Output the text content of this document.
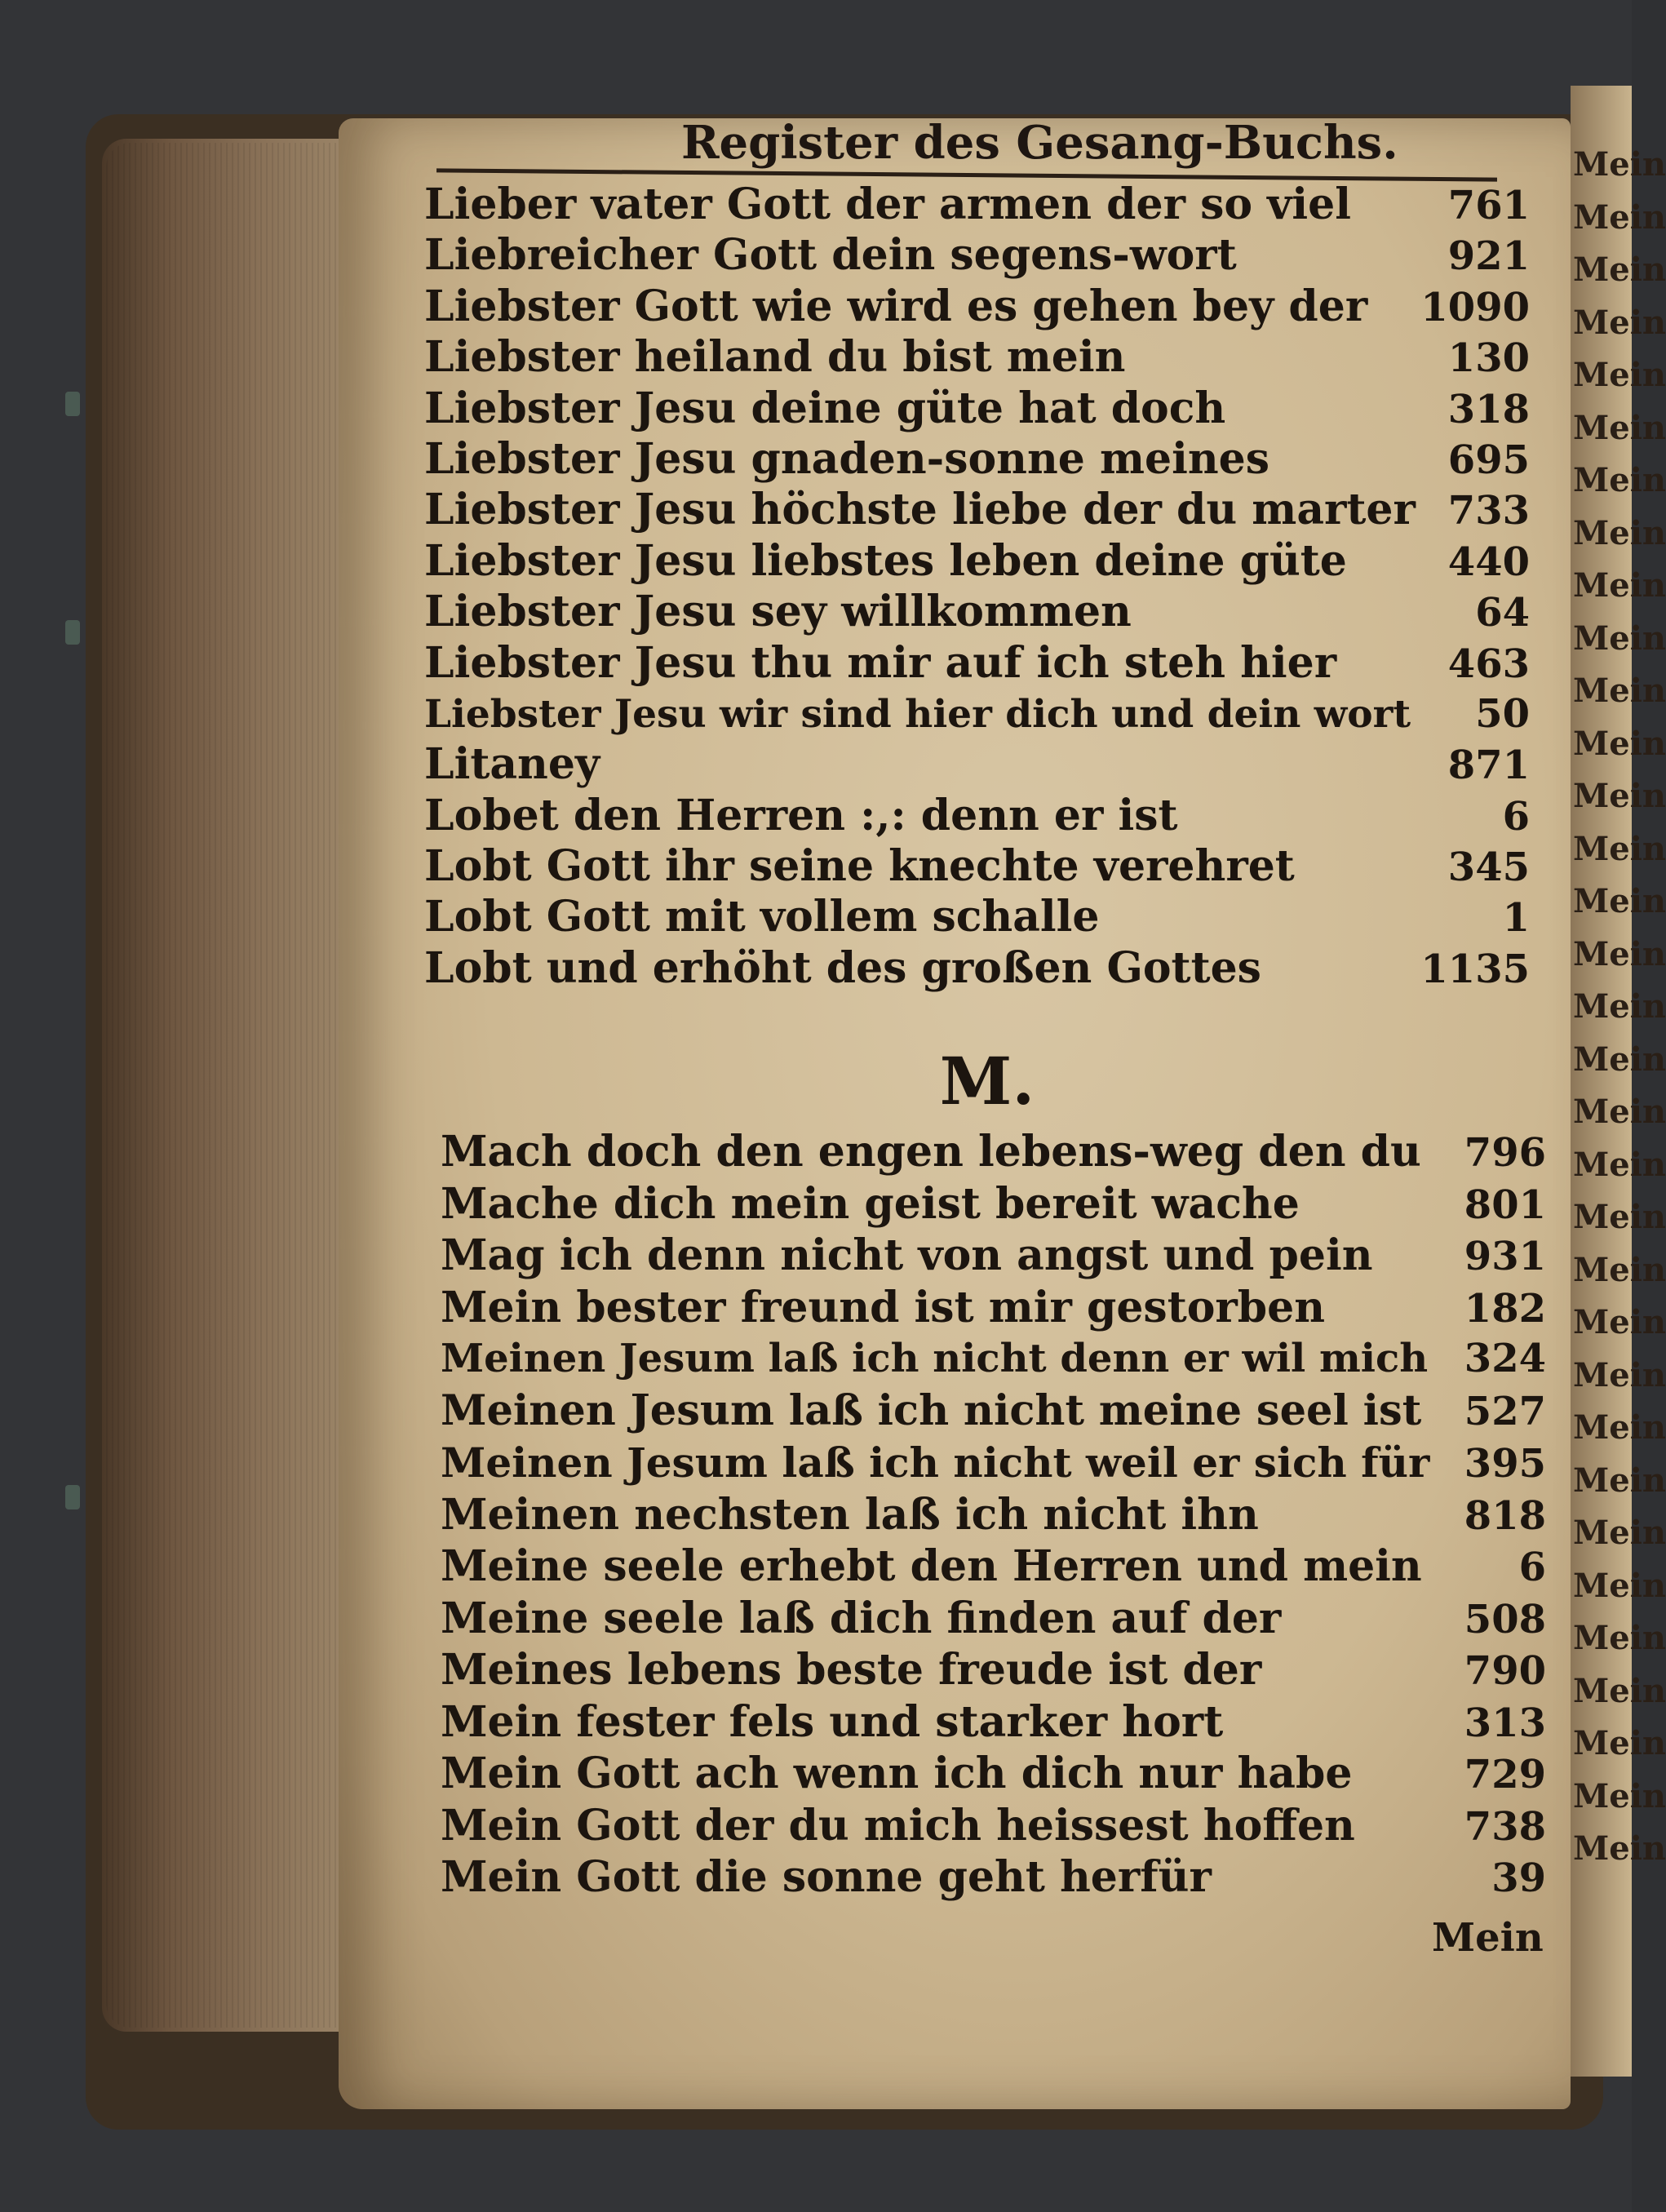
Mein
Mein
Mein
Mein
Mein
Mein
Mein
Mein
Mein
Mein
Mein
Mein
Mein
Mein
Mein
Mein
Mein
Mein
Mein
Mein
Mein
Mein
Mein
Mein
Mein
Mein
Mein
Mein
Mein
Mein
Mein
Mein
Mein
Register des Gesang-Buchs.
Lieber vater Gott der armen der so viel 761
Liebreicher Gott dein segens-wort	921
Liebster Gott wie wird es gehen bey der 1090
Liebster heiland du bist mein	130
Liebster Jesu deine güte hat doch	318
Liebster Jesu gnaden-sonne meines	695
Liebster Jesu höchste liebe der du marter 733
Liebster Jesu liebstes leben deine güte	440
Liebster Jesu sey willkommen	64
Liebster Jesu thu mir auf ich steh hier	463
Liebster Jesu wir sind hier dich und dein wort	50
Litaney	871
Lobet den Herren :,: denn er ist	6
Lobt Gott ihr seine knechte verehret	345
Lobt Gott mit vollem schalle	1
Lobt und erhöht des großen Gottes	1135
M.
Mach doch den engen lebens-weg den du 796
Mache dich mein geist bereit wache	801
Mag ich denn nicht von angst und pein 931
Mein bester freund ist mir gestorben	182
Meinen Jesum laß ich nicht denn er wil mich 324
Meinen Jesum laß ich nicht meine seel ist 527
Meinen Jesum laß ich nicht weil er sich für 395
Meinen nechsten laß ich nicht ihn	818
Meine seele erhebt den Herren und mein	6
Meine seele laß dich finden auf der	508
Meines lebens beste freude ist der	790
Mein fester fels und starker hort	313
Mein Gott ach wenn ich dich nur habe	729
Mein Gott der du mich heissest hoffen	738
Mein Gott die sonne geht herfür	39
Mein
